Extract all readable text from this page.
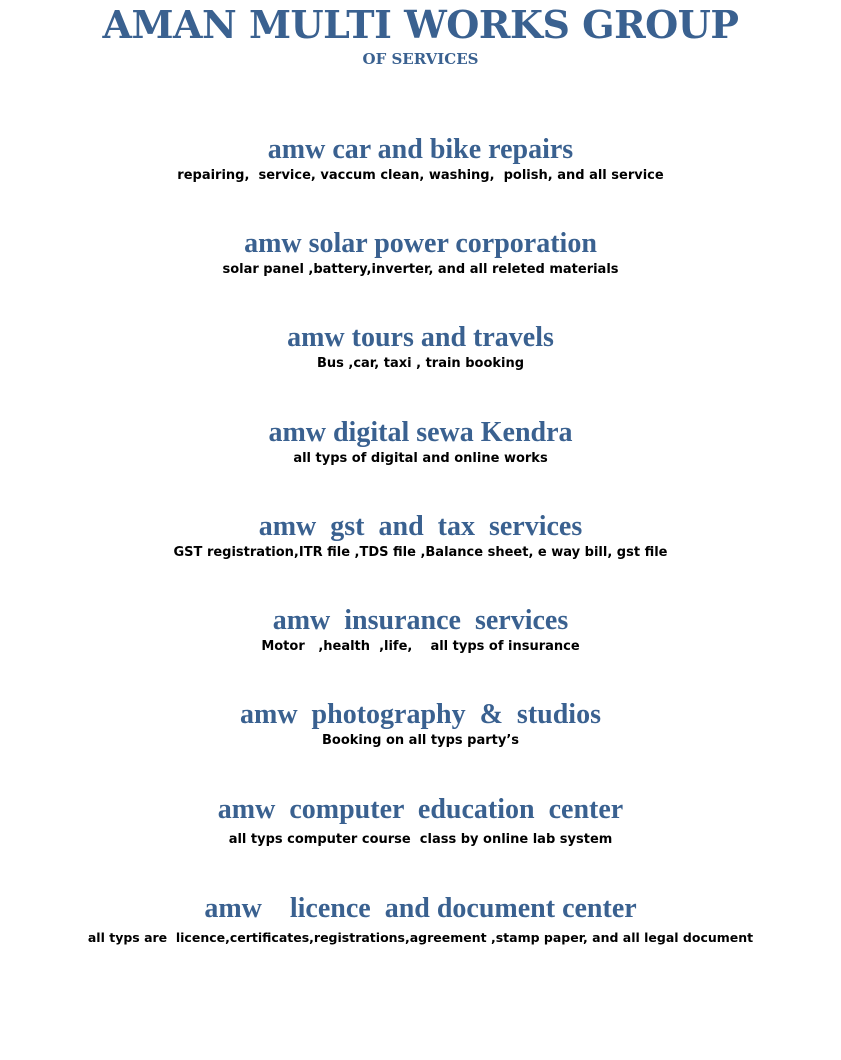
AMAN MULTI WORKS GROUP
OF SERVICES
amw car and bike repairs
repairing,  service, vaccum clean, washing,  polish, and all service
amw solar power corporation
solar panel ,battery,inverter, and all releted materials
amw tours and travels
Bus ,car, taxi , train booking
amw digital sewa Kendra
all typs of digital and online works
amw  gst  and  tax  services
GST registration,ITR file ,TDS file ,Balance sheet, e way bill, gst file
amw  insurance  services
Motor   ,health  ,life,    all typs of insurance
amw  photography  &  studios
Booking on all typs party’s
amw  computer  education  center
all typs computer course  class by online lab system
amw    licence  and document center
all typs are  licence,certificates,registrations,agreement ,stamp paper, and all legal document
